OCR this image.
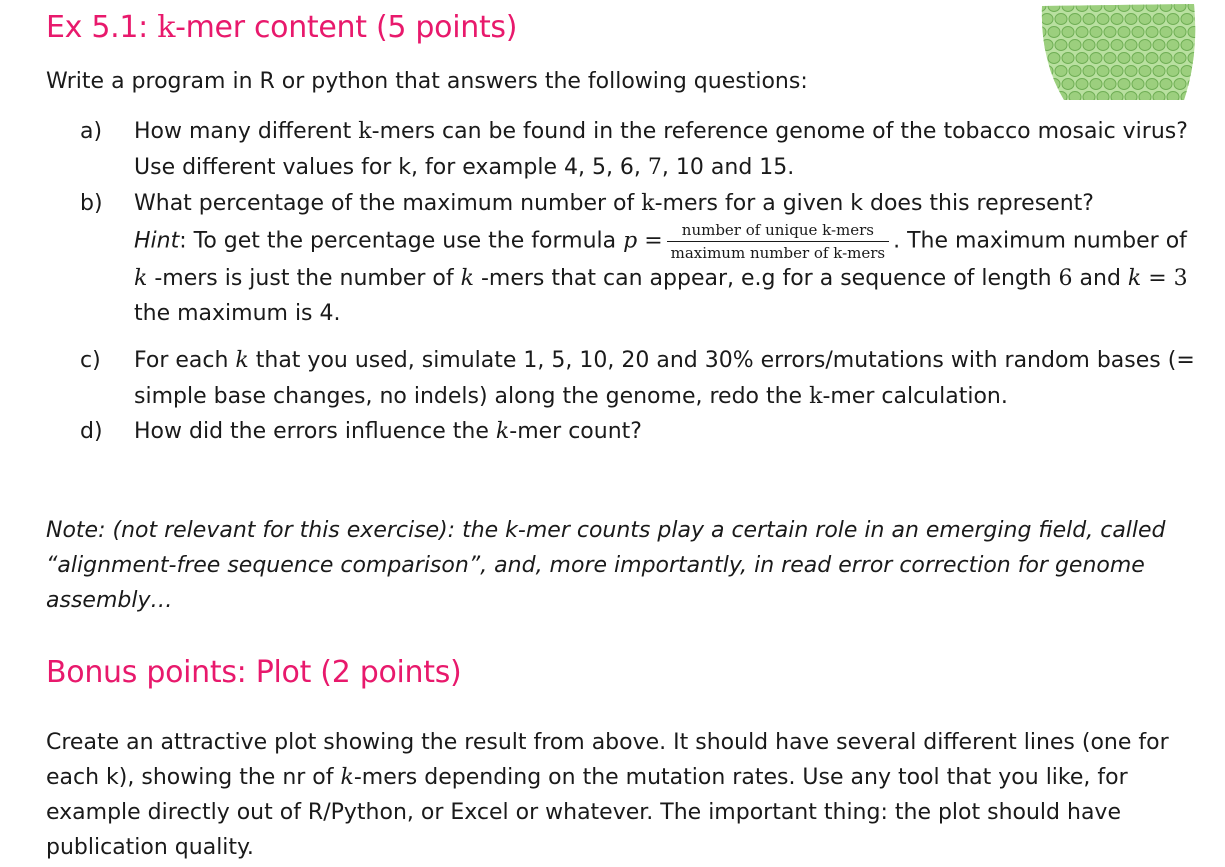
Ex 5.1: k-mer content (5 points)

Write a program in R or python that answers the following questions:

a)	How many different k-mers can be found in the reference genome of the tobacco mosaic virus? Use different values for k, for example 4, 5, 6, 7, 10 and 15.
b)	What percentage of the maximum number of k-mers for a given k does this represent?
Hint: To get the percentage use the formula $p = \frac{\text{number of unique k-mers}}{\text{maximum number of k-mers}}$ . The maximum number of k -mers is just the number of k -mers that can appear, e.g for a sequence of length 6 and k = 3 the maximum is 4.
c)	For each k that you used, simulate 1, 5, 10, 20 and 30% errors/mutations with random bases (= simple base changes, no indels) along the genome, redo the k-mer calculation.
d)	How did the errors influence the k-mer count?

Note: (not relevant for this exercise): the k-mer counts play a certain role in an emerging field, called “alignment-free sequence comparison”, and, more importantly, in read error correction for genome assembly…

Bonus points: Plot (2 points)

Create an attractive plot showing the result from above. It should have several different lines (one for each k), showing the nr of k-mers depending on the mutation rates. Use any tool that you like, for example directly out of R/Python, or Excel or whatever. The important thing: the plot should have publication quality.
